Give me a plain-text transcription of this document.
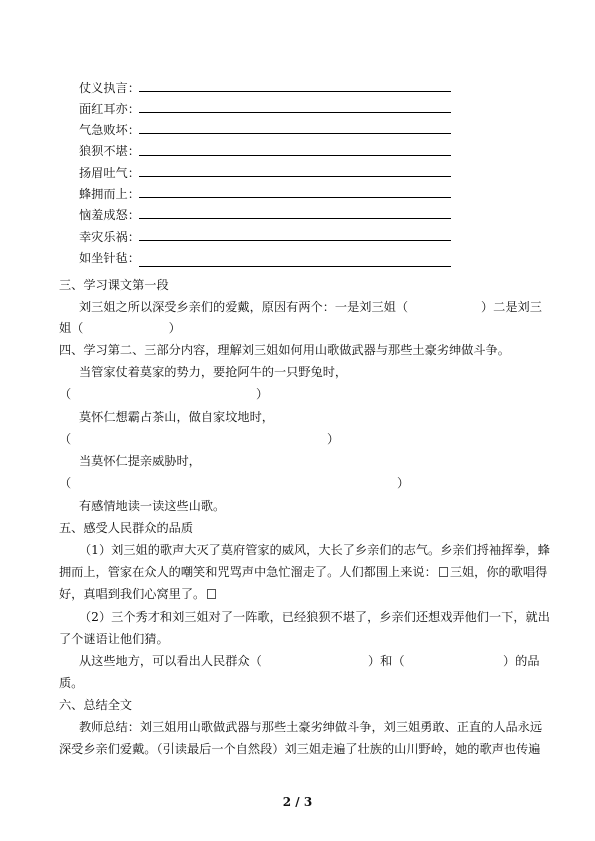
仗义执言：
面红耳亦：
气急败坏：
狼狈不堪：
扬眉吐气：
蜂拥而上：
恼羞成怒：
幸灾乐祸：
如坐针毡：
三、学习课文第一段
刘三姐之所以深受乡亲们的爱戴，原因有两个：一是刘三姐（	）二是刘三
姐（　　　　　　　）
四、学习第二、三部分内容，理解刘三姐如何用山歌做武器与那些土豪劣绅做斗争。
当管家仗着莫家的势力，要抢阿牛的一只野兔时，
（	）
莫怀仁想霸占茶山，做自家坟地时，
（	）
当莫怀仁提亲威胁时，
（	）
有感情地读一读这些山歌。
五、感受人民群众的品质
（1）刘三姐的歌声大灭了莫府管家的威风，大长了乡亲们的志气。乡亲们捋袖挥拳，蜂
拥而上，管家在众人的嘲笑和咒骂声中急忙溜走了。人们都围上来说： 三姐，你的歌唱得
好，真唱到我们心窝里了。
（2）三个秀才和刘三姐对了一阵歌，已经狼狈不堪了，乡亲们还想戏弄他们一下，就出
了个谜语让他们猜。
从这些地方，可以看出人民群众（	）和（	）的品
质。
六、总结全文
教师总结：刘三姐用山歌做武器与那些土豪劣绅做斗争，刘三姐勇敢、正直的人品永远
深受乡亲们爱戴。（引读最后一个自然段）刘三姐走遍了壮族的山川野岭，她的歌声也传遍
2 / 3
